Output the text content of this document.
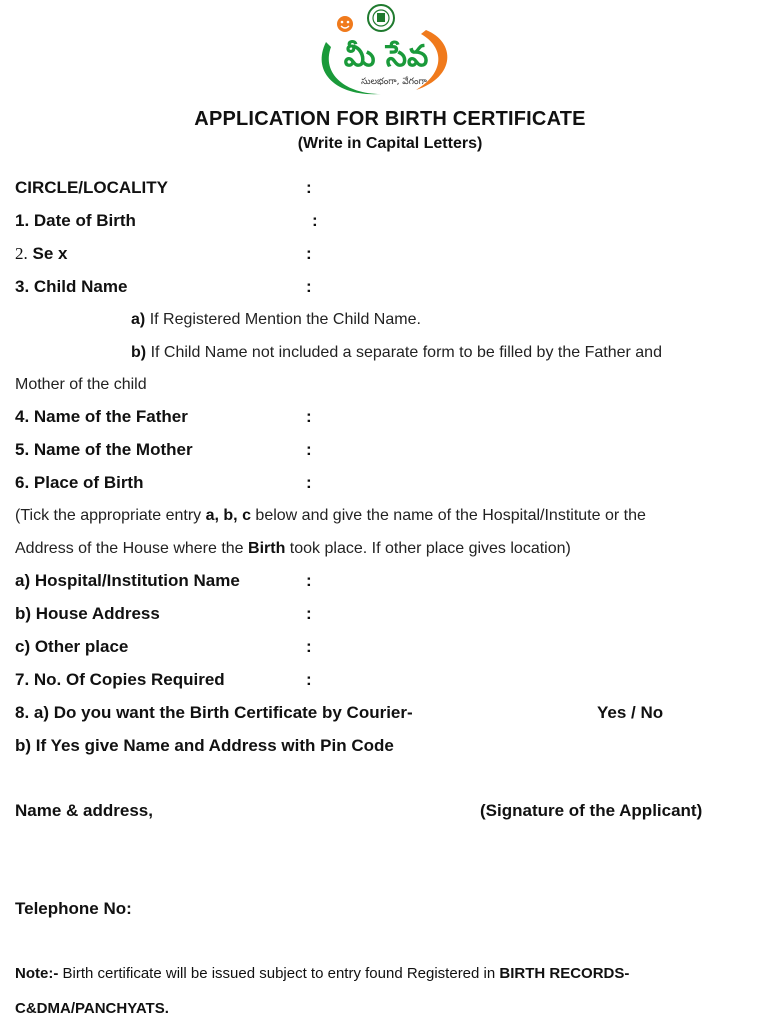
మీ సేవ
సులభంగా, వేగంగా
APPLICATION FOR BIRTH CERTIFICATE
(Write in Capital Letters)
CIRCLE/LOCALITY	:
1. Date of Birth	:
2. Se x	:
3. Child Name	:
a) If Registered Mention the Child Name.
b) If Child Name not included a separate form to be filled by the Father and
Mother of the child
4. Name of the Father	:
5. Name of the Mother	:
6. Place of Birth	:
(Tick the appropriate entry a, b, c below and give the name of the Hospital/Institute or the
Address of the House where the Birth took place. If other place gives location)
a) Hospital/Institution Name	:
b) House Address	:
c) Other place	:
7. No. Of Copies Required	:
8. a) Do you want the Birth Certificate by Courier-	Yes / No
b) If Yes give Name and Address with Pin Code
Name & address,	(Signature of the Applicant)
Telephone No:
Note:- Birth certificate will be issued subject to entry found Registered in BIRTH RECORDS-
C&DMA/PANCHYATS.
